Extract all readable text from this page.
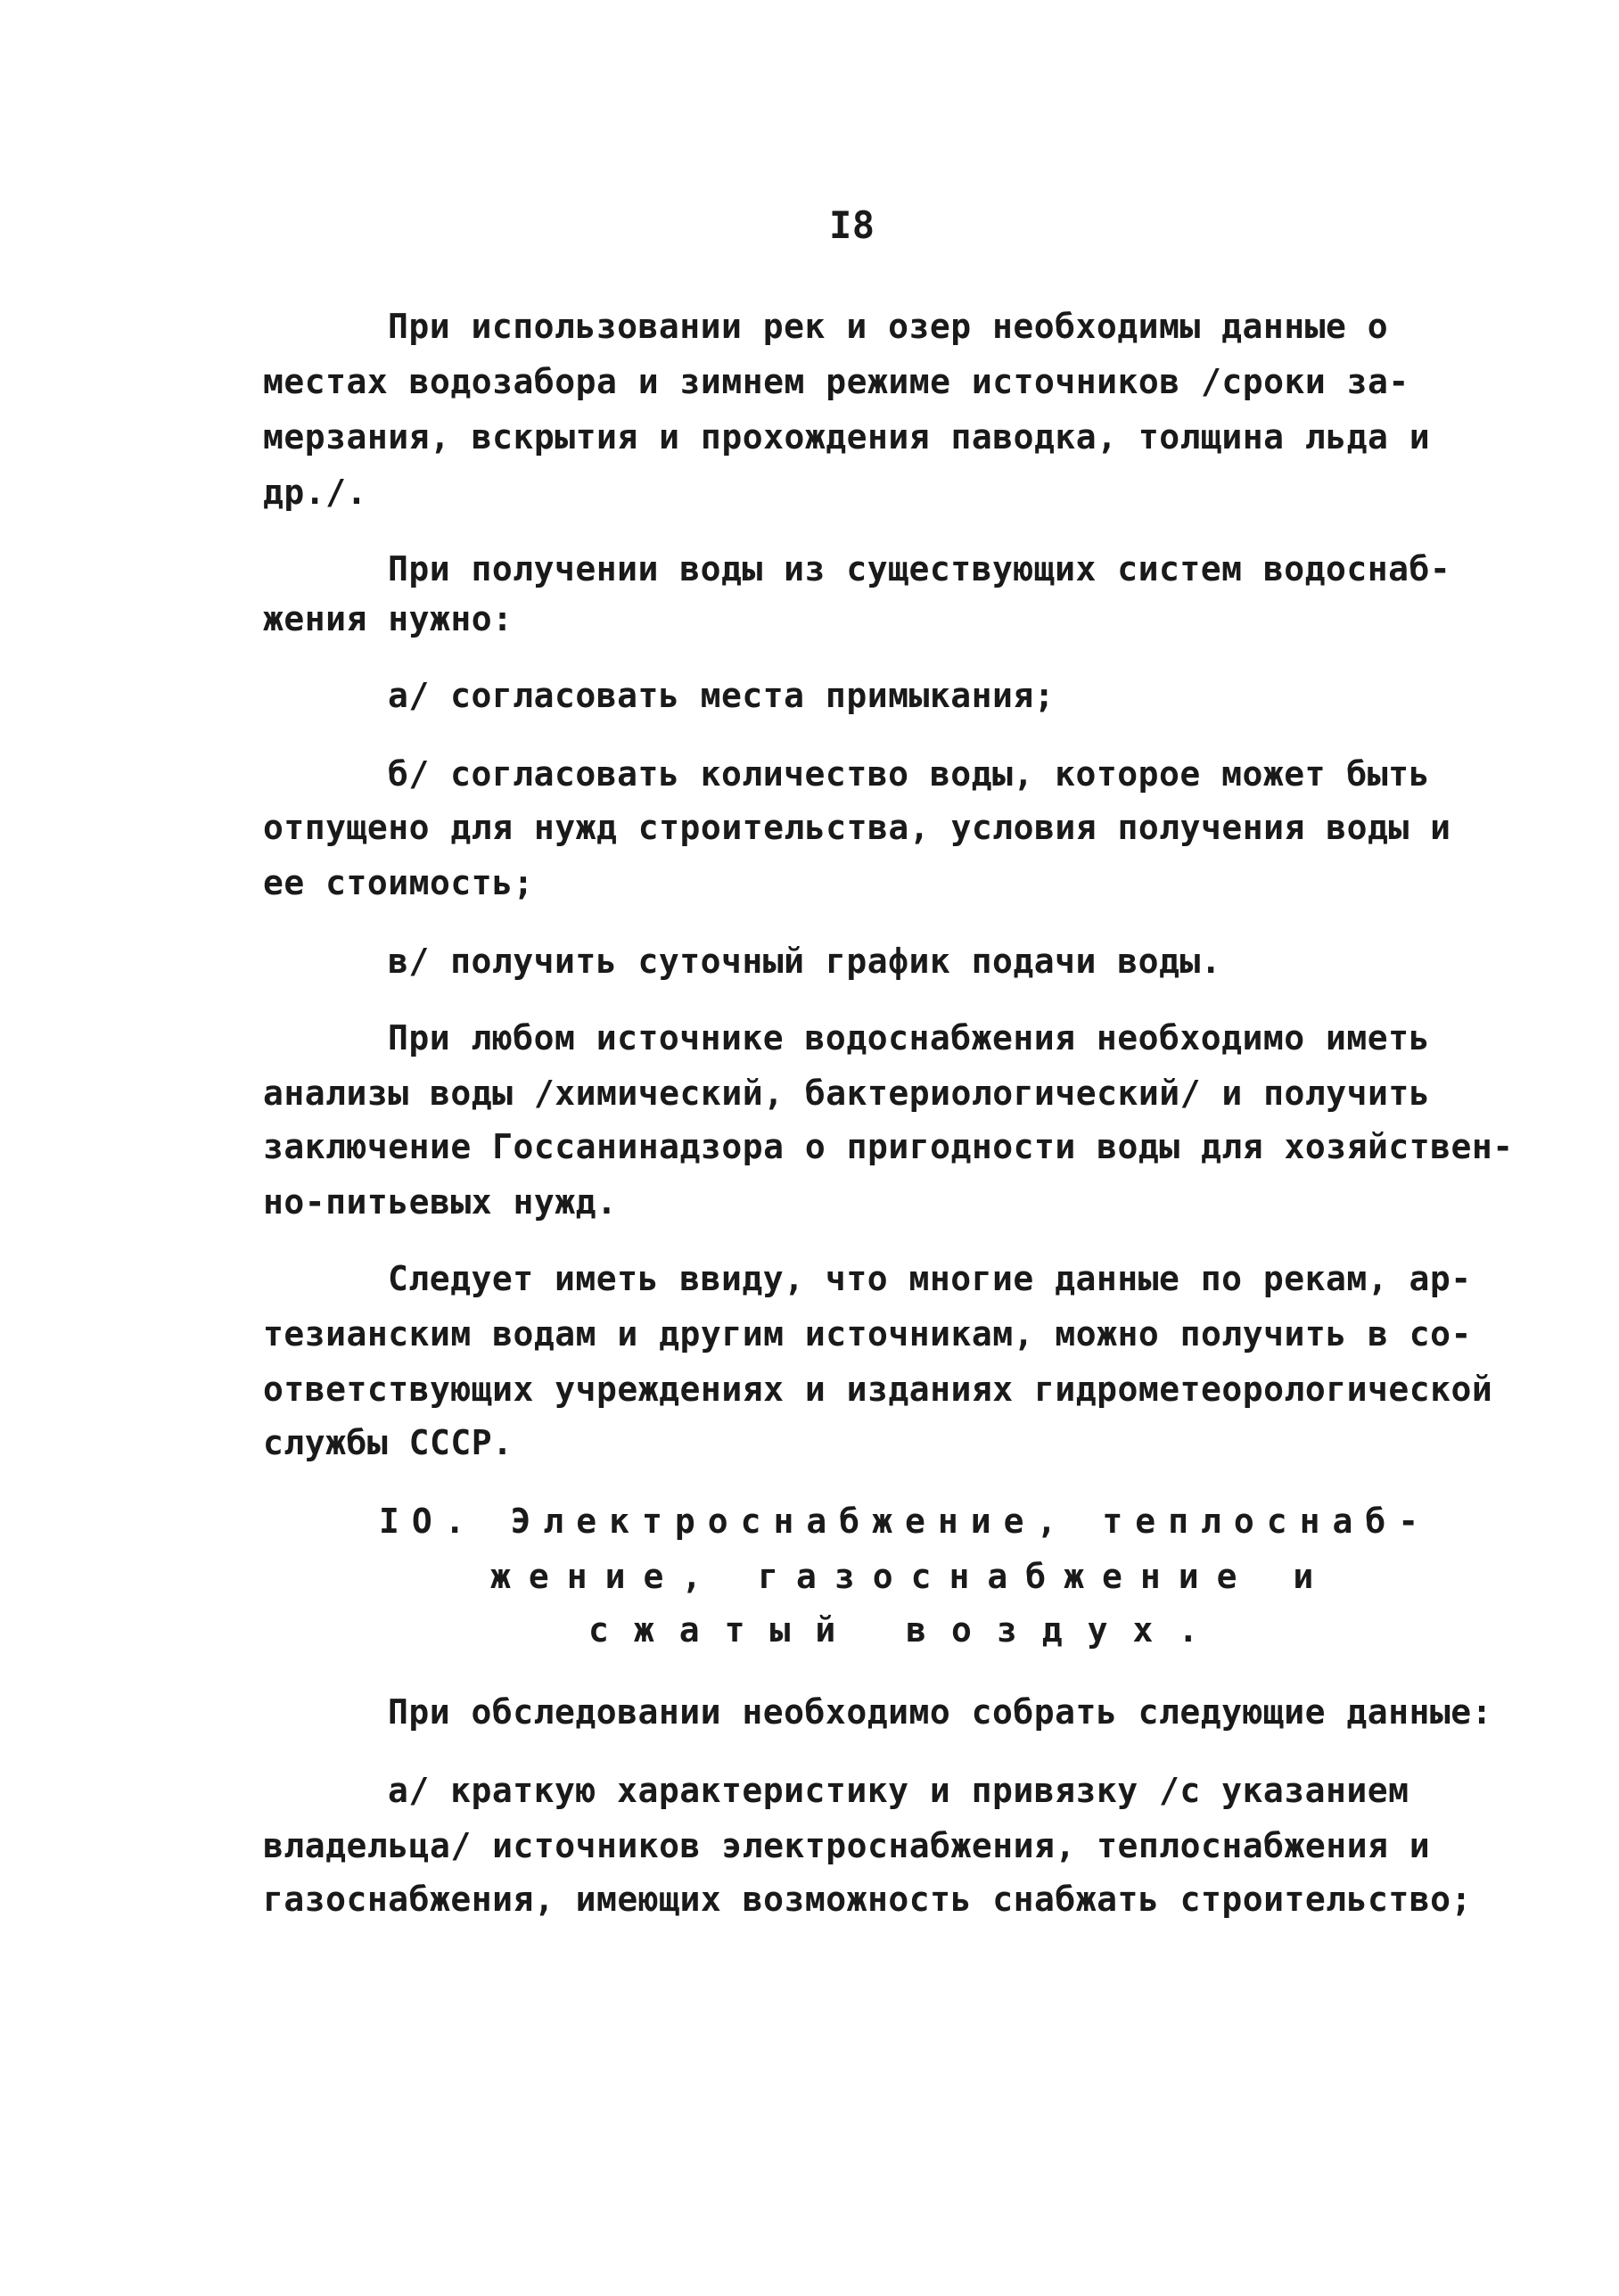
I8
При использовании рек и озер необходимы данные о
местах водозабора и зимнем режиме источников /сроки за-
мерзания, вскрытия и прохождения паводка, толщина льда и
др./.
При получении воды из существующих систем водоснаб-
жения нужно:
а/ согласовать места примыкания;
б/ согласовать количество воды, которое может быть
отпущено для нужд строительства, условия получения воды и
ее стоимость;
в/ получить суточный график подачи воды.
При любом источнике водоснабжения необходимо иметь
анализы воды /химический, бактериологический/ и получить
заключение Госсанинадзора о пригодности воды для хозяйствен-
но-питьевых нужд.
Следует иметь ввиду, что многие данные по рекам, ар-
тезианским водам и другим источникам, можно получить в со-
ответствующих учреждениях и изданиях гидрометеорологической
службы СССР.
IO. Электроснабжение, теплоснаб-
жение, газоснабжение и
сжатый воздух.
При обследовании необходимо собрать следующие данные:
а/ краткую характеристику и привязку /с указанием
владельца/ источников электроснабжения, теплоснабжения и
газоснабжения, имеющих возможность снабжать строительство;
